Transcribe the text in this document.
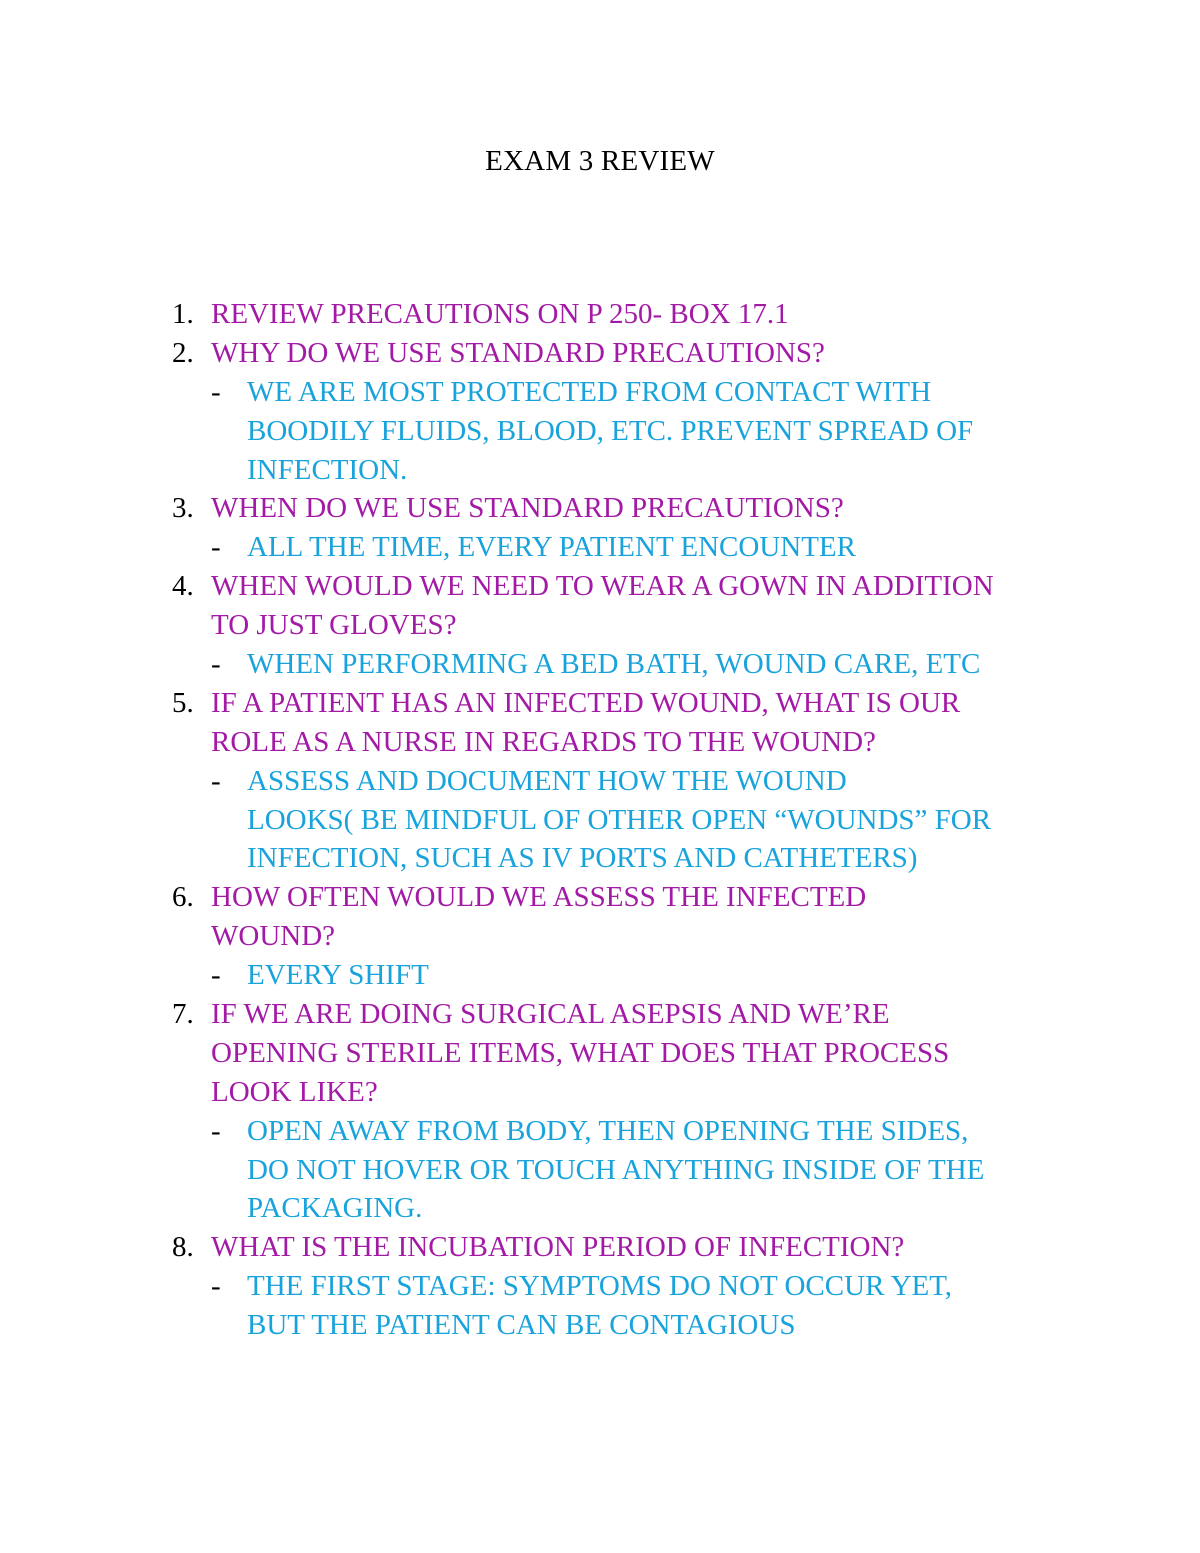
EXAM 3 REVIEW
1. REVIEW PRECAUTIONS ON P 250- BOX 17.1
2. WHY DO WE USE STANDARD PRECAUTIONS?
- WE ARE MOST PROTECTED FROM CONTACT WITH
BOODILY FLUIDS, BLOOD, ETC. PREVENT SPREAD OF
INFECTION.
3. WHEN DO WE USE STANDARD PRECAUTIONS?
- ALL THE TIME, EVERY PATIENT ENCOUNTER
4. WHEN WOULD WE NEED TO WEAR A GOWN IN ADDITION
TO JUST GLOVES?
- WHEN PERFORMING A BED BATH, WOUND CARE, ETC
5. IF A PATIENT HAS AN INFECTED WOUND, WHAT IS OUR
ROLE AS A NURSE IN REGARDS TO THE WOUND?
- ASSESS AND DOCUMENT HOW THE WOUND
LOOKS( BE MINDFUL OF OTHER OPEN “WOUNDS” FOR
INFECTION, SUCH AS IV PORTS AND CATHETERS)
6. HOW OFTEN WOULD WE ASSESS THE INFECTED
WOUND?
- EVERY SHIFT
7. IF WE ARE DOING SURGICAL ASEPSIS AND WE’RE
OPENING STERILE ITEMS, WHAT DOES THAT PROCESS
LOOK LIKE?
- OPEN AWAY FROM BODY, THEN OPENING THE SIDES,
DO NOT HOVER OR TOUCH ANYTHING INSIDE OF THE
PACKAGING.
8. WHAT IS THE INCUBATION PERIOD OF INFECTION?
- THE FIRST STAGE: SYMPTOMS DO NOT OCCUR YET,
BUT THE PATIENT CAN BE CONTAGIOUS
